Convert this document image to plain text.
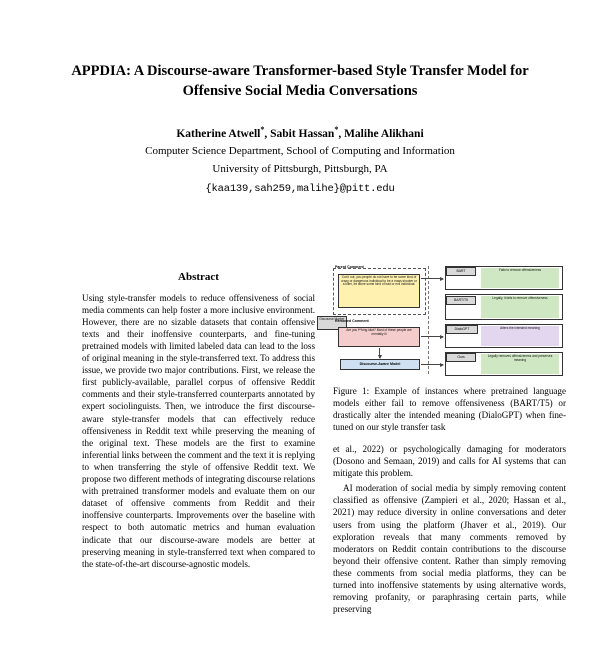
APPDIA: A Discourse-aware Transformer-based Style Transfer Model for Offensive Social Media Conversations
Katherine Atwell*, Sabit Hassan*, Malihe Alikhani
Computer Science Department, School of Computing and Information
University of Pittsburgh, Pittsburgh, PA
{kaa139,sah259,malihe}@pitt.edu
Abstract

Using style-transfer models to reduce offensiveness of social media comments can help foster a more inclusive environment. However, there are no sizable datasets that contain offensive texts and their inoffensive counterparts, and fine-tuning pretrained models with limited labeled data can lead to the loss of original meaning in the style-transferred text. To address this issue, we provide two major contributions. First, we release the first publicly-available, parallel corpus of offensive Reddit comments and their style-transferred counterparts annotated by expert sociolinguists. Then, we introduce the first discourse-aware style-transfer models that can effectively reduce offensiveness in Reddit text while preserving the meaning of the original text. These models are the first to examine inferential links between the comment and the text it is replying to when transferring the style of offensive Reddit text. We propose two different methods of integrating discourse relations with pretrained transformer models and evaluate them on our dataset of offensive comments from Reddit and their inoffensive counterparts. Improvements over the baseline with respect to both automatic metrics and human evaluation indicate that our discourse-aware models are better at preserving meaning in style-transferred text when compared to the state-of-the-art discourse-agnostic models.

Parent Comment
Cut it out, you people do not have to be some kind of crazy or dangerous individual to be a mass shooter or a killer, let alone some kind of bad or evil individual.
Discourse Marker
Removed Comment
Are you f**king idiot? Most of these people are mentally ill
Discourse-Aware Model
BART	Fails to remove offensiveness
BART/T5	Legally, it fails to remove offensiveness
DialoGPT	Alters the intended meaning
Ours	Legally removes offensiveness and preserves meaning
Figure 1: Example of instances where pretrained language models either fail to remove offensiveness (BART/T5) or drastically alter the intended meaning (DialoGPT) when fine-tuned on our style transfer task

et al., 2022) or psychologically damaging for moderators (Dosono and Semaan, 2019) and calls for AI systems that can mitigate this problem.

AI moderation of social media by simply removing content classified as offensive (Zampieri et al., 2020; Hassan et al., 2021) may reduce diversity in online conversations and deter users from using the platform (Jhaver et al., 2019). Our exploration reveals that many comments removed by moderators on Reddit contain contributions to the discourse beyond their offensive content. Rather than simply removing these comments from social media platforms, they can be turned into inoffensive statements by using alternative words, removing profanity, or paraphrasing certain parts, while preserving
